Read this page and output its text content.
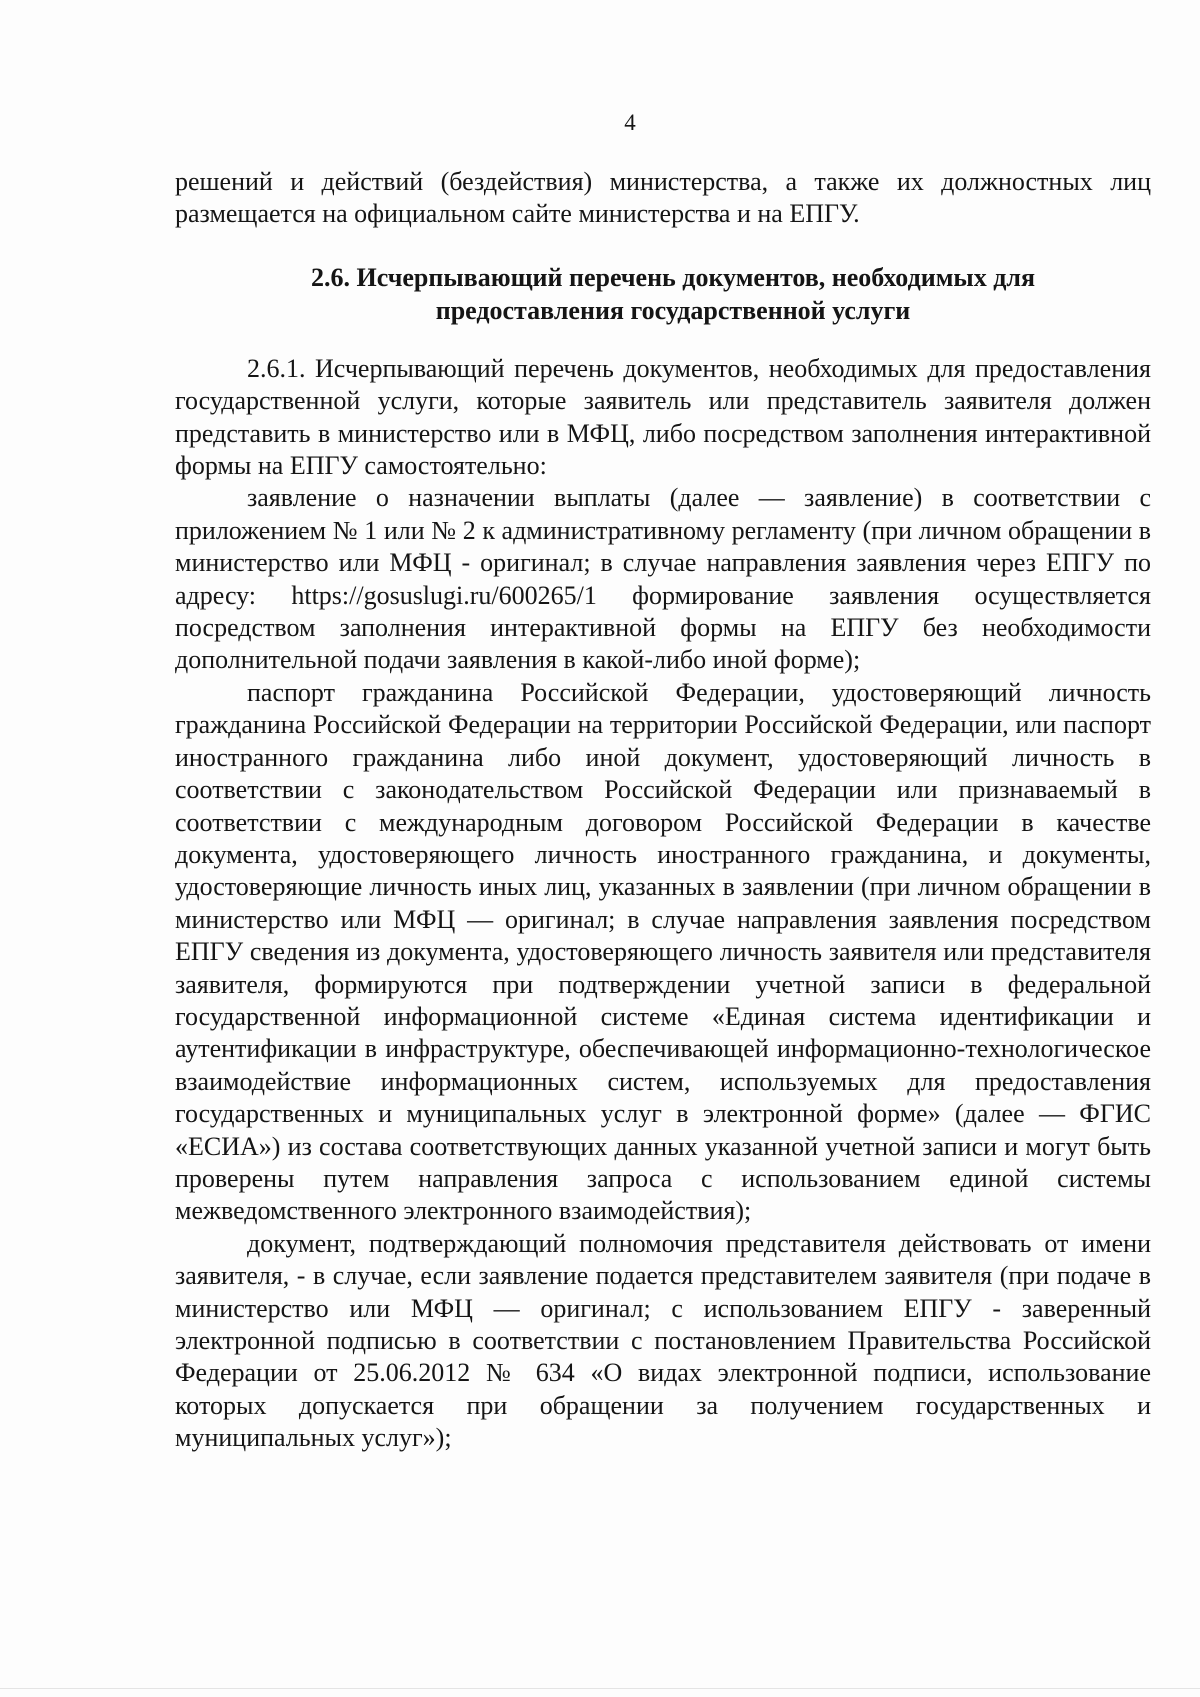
4

решений и действий (бездействия) министерства, а также их должностных лиц размещается на официальном сайте министерства и на ЕПГУ.

2.6. Исчерпывающий перечень документов, необходимых для
предоставления государственной услуги

2.6.1. Исчерпывающий перечень документов, необходимых для предоставления государственной услуги, которые заявитель или представитель заявителя должен представить в министерство или в МФЦ, либо посредством заполнения интерактивной формы на ЕПГУ самостоятельно:

заявление о назначении выплаты (далее — заявление) в соответствии с приложением № 1 или № 2 к административному регламенту (при личном обращении в министерство или МФЦ - оригинал; в случае направления заявления через ЕПГУ по адресу: https://gosuslugi.ru/600265/1 формирование заявления осуществляется посредством заполнения интерактивной формы на ЕПГУ без необходимости дополнительной подачи заявления в какой-либо иной форме);

паспорт гражданина Российской Федерации, удостоверяющий личность гражданина Российской Федерации на территории Российской Федерации, или паспорт иностранного гражданина либо иной документ, удостоверяющий личность в соответствии с законодательством Российской Федерации или признаваемый в соответствии с международным договором Российской Федерации в качестве документа, удостоверяющего личность иностранного гражданина, и документы, удостоверяющие личность иных лиц, указанных в заявлении (при личном обращении в министерство или МФЦ — оригинал; в случае направления заявления посредством ЕПГУ сведения из документа, удостоверяющего личность заявителя или представителя заявителя, формируются при подтверждении учетной записи в федеральной государственной информационной системе «Единая система идентификации и аутентификации в инфраструктуре, обеспечивающей информационно-технологическое взаимодействие информационных систем, используемых для предоставления государственных и муниципальных услуг в электронной форме» (далее — ФГИС «ЕСИА») из состава соответствующих данных указанной учетной записи и могут быть проверены путем направления запроса с использованием единой системы межведомственного электронного взаимодействия);

документ, подтверждающий полномочия представителя действовать от имени заявителя, - в случае, если заявление подается представителем заявителя (при подаче в министерство или МФЦ — оригинал; с использованием ЕПГУ - заверенный электронной подписью в соответствии с постановлением Правительства Российской Федерации от 25.06.2012 № 634 «О видах электронной подписи, использование которых допускается при обращении за получением государственных и муниципальных услуг»);
